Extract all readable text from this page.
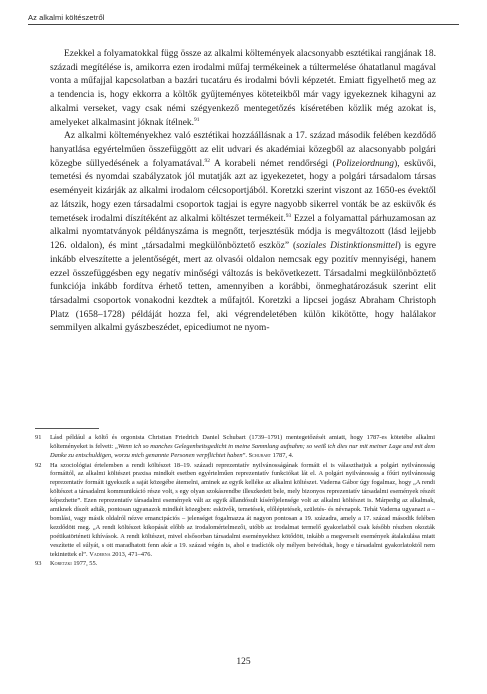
Az alkalmi költészetről

Ezekkel a folyamatokkal függ össze az alkalmi költemények alacsonyabb esztétikai rangjának 18. századi megítélése is, amikorra ezen irodalmi műfaj termékeinek a túltermelése óhatatlanul magával vonta a műfajjal kapcsolatban a bazári tucatáru és irodalmi bóvli képzetét. Emiatt figyelhető meg az a tendencia is, hogy ekkorra a költők gyűjteményes köteteikből már vagy igyekeznek kihagyni az alkalmi verseket, vagy csak némi szégyenkező mentegetőzés kíséretében közlik még azokat is, amelyeket alkalmasint jóknak ítélnek.$^{91}$

Az alkalmi költeményekhez való esztétikai hozzáállásnak a 17. század második felében kezdődő hanyatlása egyértelműen összefüggött az elit udvari és akadémiai közegből az alacsonyabb polgári közegbe süllyedésének a folyamatával.$^{92}$ A korabeli német rendőrségi (Polizeiordnung), esküvői, temetési és nyomdai szabályzatok jól mutatják azt az igyekezetet, hogy a polgári társadalom társas eseményeit kizárják az alkalmi irodalom célcsoportjából. Koretzki szerint viszont az 1650-es évektől az látszik, hogy ezen társadalmi csoportok tagjai is egyre nagyobb sikerrel vonták be az esküvők és temetések irodalmi díszítéként az alkalmi költészet termékeit.$^{93}$ Ezzel a folyamattal párhuzamosan az alkalmi nyomtatványok példányszáma is megnőtt, terjesztésük módja is megváltozott (lásd lejjebb 126. oldalon), és mint „társadalmi megkülönböztető eszköz” (soziales Distinktionsmittel) is egyre inkább elveszítette a jelentőségét, mert az olvasói oldalon nemcsak egy pozitív mennyiségi, hanem ezzel összefüggésben egy negatív minőségi változás is bekövetkezett. Társadalmi megkülönböztető funkciója inkább fordítva érhető tetten, amennyiben a korábbi, önmeghatározásuk szerint elit társadalmi csoportok vonakodni kezdtek a műfajtól. Koretzki a lipcsei jogász Abraham Christoph Platz (1658–1728) példáját hozza fel, aki végrendeletében külön kikötötte, hogy halálakor semmilyen alkalmi gyászbeszédet, epicediumot ne nyom-

91	Lásd például a költő és orgonista Christian Friedrich Daniel Schubart (1739–1791) mentegetőzését amiatt, hogy 1787-es kötetébe alkalmi költeményeket is felvett: „Wenn ich so manches Gelegenheitsgedicht in meine Sammlung aufnahm; so weiß ich dies nur mit meiner Lage und mit dem Danke zu entschuldigen, worzu mich genannte Personen verpflichtet haben”. Schubart 1787, 4.
92	Ha szociológiai értelemben a rendi költészet 18–19. századi reprezentatív nyilvánosságának formáit el is választhatjuk a polgári nyilvánosság formáitól, az alkalmi költészet praxisa mindkét esetben egyértelműen reprezentatív funkciókat lát el. A polgári nyilvánosság a főúri nyilvánosság reprezentatív formáit igyekszik a saját közegébe átemelni, aminek az egyik kelléke az alkalmi költészet. Vaderna Gábor úgy fogalmaz, hogy „A rendi költészet a társadalmi kommunikáció része volt, s egy olyan szokásrendbe illeszkedett bele, mely bizonyos reprezentatív társadalmi események részét képezhette”. Ezen reprezentatív társadalmi események vált az egyik állandósult kísérőjelensége volt az alkalmi költészet is. Márpedig az alkalmak, amiknek díszét adták, pontosan ugyanazok mindkét közegben: esküvők, temetések, előléptetések, születés- és névnapok. Tehát Vaderna ugyanazt a – bomlási, vagy másik oldalról nézve emancipációs – jelenséget fogalmazza át nagyon pontosan a 19. századra, amely a 17. század második felében kezdődött meg. „A rendi költészet kikopását előbb az irodalomértelmezői, utóbb az irodalmat termelő gyakorlatból csak később részben okozták poétikatörténeti kihívások. A rendi költészet, mivel elsősorban társadalmi eseményekhez kötődött, inkább a megverselt események átalakulása miatt veszítette el súlyát, s ott maradhatott fenn akár a 19. század végén is, ahol e tradíciók oly mélyen beivódtak, hogy e társadalmi gyakorlatoktól nem tekintettek el”. Vaderna 2013, 471–476.
93	Koretzki 1977, 55.
125
